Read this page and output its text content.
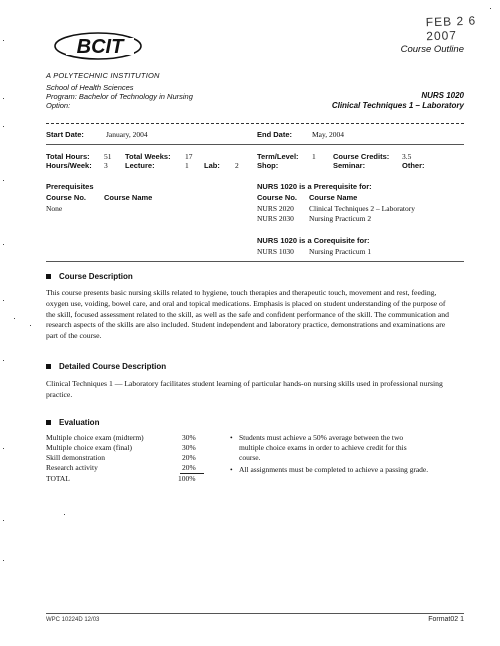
FEB 2 6 2007
BCIT	Course Outline
A POLYTECHNIC INSTITUTION
School of Health Sciences
Program: Bachelor of Technology in Nursing
Option:
NURS 1020
Clinical Techniques 1 – Laboratory
Start Date:	January, 2004	End Date:	May, 2004
Total Hours: 51 Total Weeks: 17
Hours/Week: 3 Lecture:	1 Lab: 2
Term/Level: 1 Course Credits: 3.5
Shop:	Seminar:	Other:
Prerequisites
Course No. Course Name
None
NURS 1020 is a Prerequisite for:
Course No. Course Name
NURS 2020 Clinical Techniques 2 – Laboratory
NURS 2030 Nursing Practicum 2
NURS 1020 is a Corequisite for:
NURS 1030 Nursing Practicum 1
Course Description
This course presents basic nursing skills related to hygiene, touch therapies and therapeutic touch, movement and rest, feeding, oxygen use, voiding, bowel care, and oral and topical medications. Emphasis is placed on student understanding of the purpose of the skill, focused assessment related to the skill, as well as the safe and confident performance of the skill. The communication and research aspects of the skills are also included. Student independent and laboratory practice, demonstrations and examinations are part of the course.
Detailed Course Description
Clinical Techniques 1 — Laboratory facilitates student learning of particular hands-on nursing skills used in professional nursing practice.
Evaluation
Multiple choice exam (midterm)	30%
Multiple choice exam (final)	30%
Skill demonstration	20%
Research activity	20%
TOTAL	100%
• Students must achieve a 50% average between the two multiple choice exams in order to achieve credit for this course.
• All assignments must be completed to achieve a passing grade.
WPC 10224D 12/03	Format02 1
